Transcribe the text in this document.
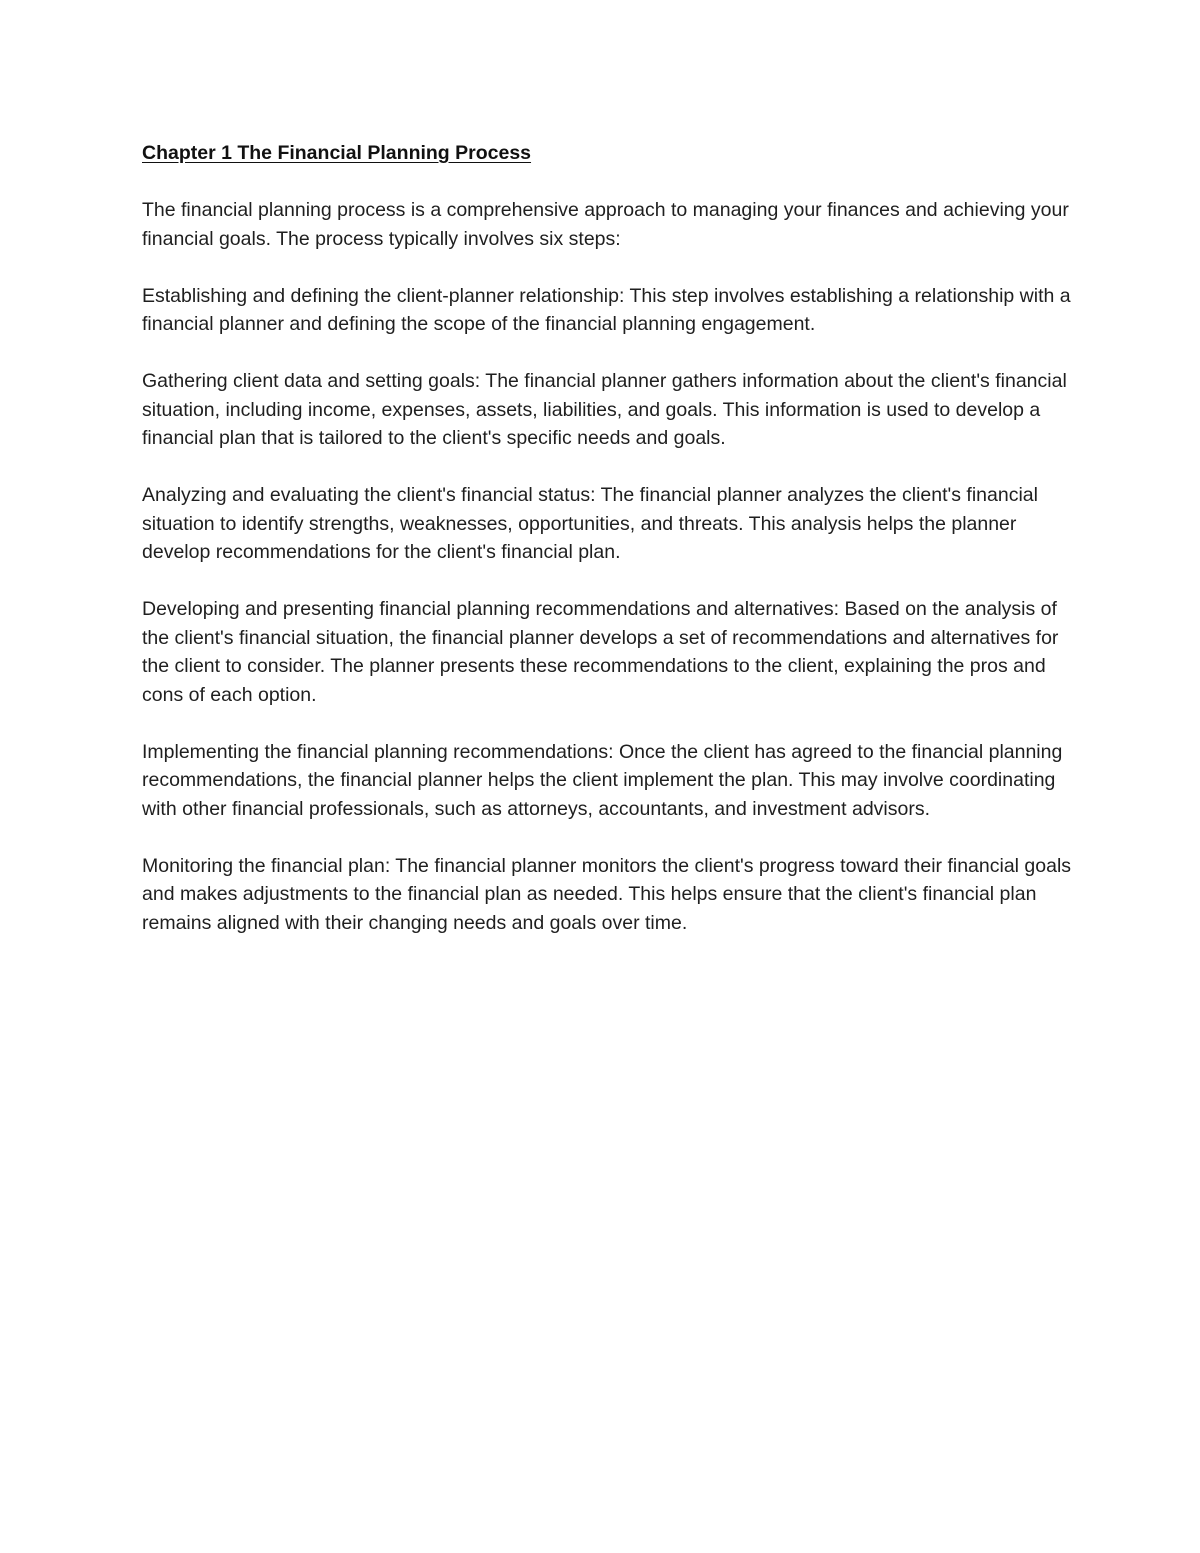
Chapter 1 The Financial Planning Process

The financial planning process is a comprehensive approach to managing your finances and achieving your financial goals. The process typically involves six steps:

Establishing and defining the client-planner relationship: This step involves establishing a relationship with a financial planner and defining the scope of the financial planning engagement.

Gathering client data and setting goals: The financial planner gathers information about the client's financial situation, including income, expenses, assets, liabilities, and goals. This information is used to develop a financial plan that is tailored to the client's specific needs and goals.

Analyzing and evaluating the client's financial status: The financial planner analyzes the client's financial situation to identify strengths, weaknesses, opportunities, and threats. This analysis helps the planner develop recommendations for the client's financial plan.

Developing and presenting financial planning recommendations and alternatives: Based on the analysis of the client's financial situation, the financial planner develops a set of recommendations and alternatives for the client to consider. The planner presents these recommendations to the client, explaining the pros and cons of each option.

Implementing the financial planning recommendations: Once the client has agreed to the financial planning recommendations, the financial planner helps the client implement the plan. This may involve coordinating with other financial professionals, such as attorneys, accountants, and investment advisors.

Monitoring the financial plan: The financial planner monitors the client's progress toward their financial goals and makes adjustments to the financial plan as needed. This helps ensure that the client's financial plan remains aligned with their changing needs and goals over time.
